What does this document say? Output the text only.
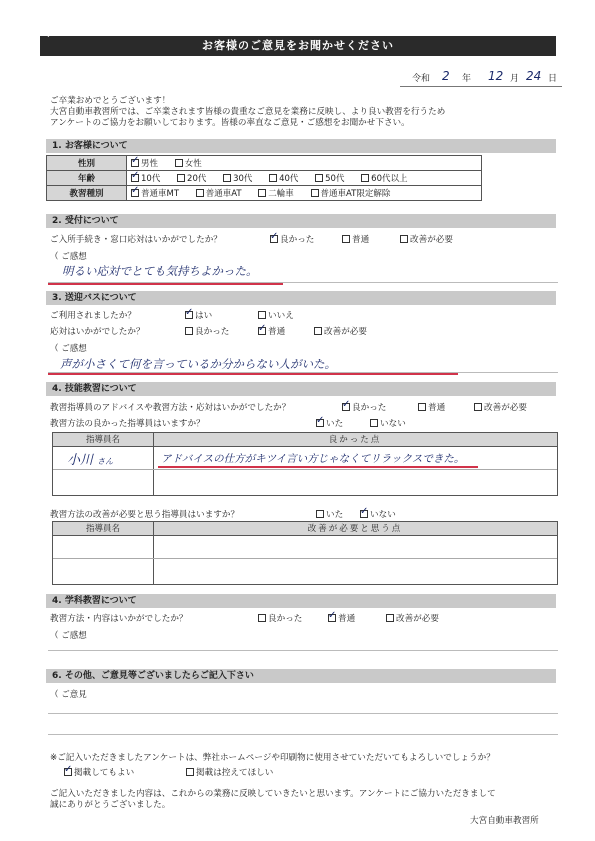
お客様のご意見をお聞かせください
`
令和 2 年 12 月 24 日
ご卒業おめでとうございます！
大宮自動車教習所では、ご卒業されます皆様の貴重なご意見を業務に反映し、より良い教習を行うため
アンケートのご協力をお願いしております。皆様の率直なご意見・ご感想をお聞かせ下さい。
1. お客様について
性別	✓男性 女性
年齢	✓10代 20代 30代 40代 50代 60代以上
教習種別	✓普通車MT 普通車AT 二輪車 普通車AT限定解除
2. 受付について
ご入所手続き・窓口応対はいかがでしたか？ ✓	良かった	普通	改善が必要
（ ご感想
明るい応対でとても気持ちよかった。
3. 送迎バスについて
ご利用されましたか？ ✓	はい	いいえ
応対はいかがでしたか？	良かった ✓	普通	改善が必要
（ ご感想
声が小さくて何を言っているか分からない人がいた。
4. 技能教習について
教習指導員のアドバイスや教習方法・応対はいかがでしたか？ ✓	良かった	普通	改善が必要
教習方法の良かった指導員はいますか？ ✓	いた	いない
指導員名	良かった点
小川 さん	アドバイスの仕方がキツイ言い方じゃなくてリラックスできた。
教習方法の改善が必要と思う指導員はいますか？	いた ✓	いない
指導員名	改善が必要と思う点
4. 学科教習について
教習方法・内容はいかがでしたか？	良かった ✓	普通	改善が必要
（ ご感想
6. その他、ご意見等ございましたらご記入下さい
（ ご意見
※ご記入いただきましたアンケートは、弊社ホームページや印刷物に使用させていただいてもよろしいでしょうか？
✓掲載してもよい	掲載は控えてほしい
ご記入いただきました内容は、これからの業務に反映していきたいと思います。アンケートにご協力いただきまして
誠にありがとうございました。
大宮自動車教習所
